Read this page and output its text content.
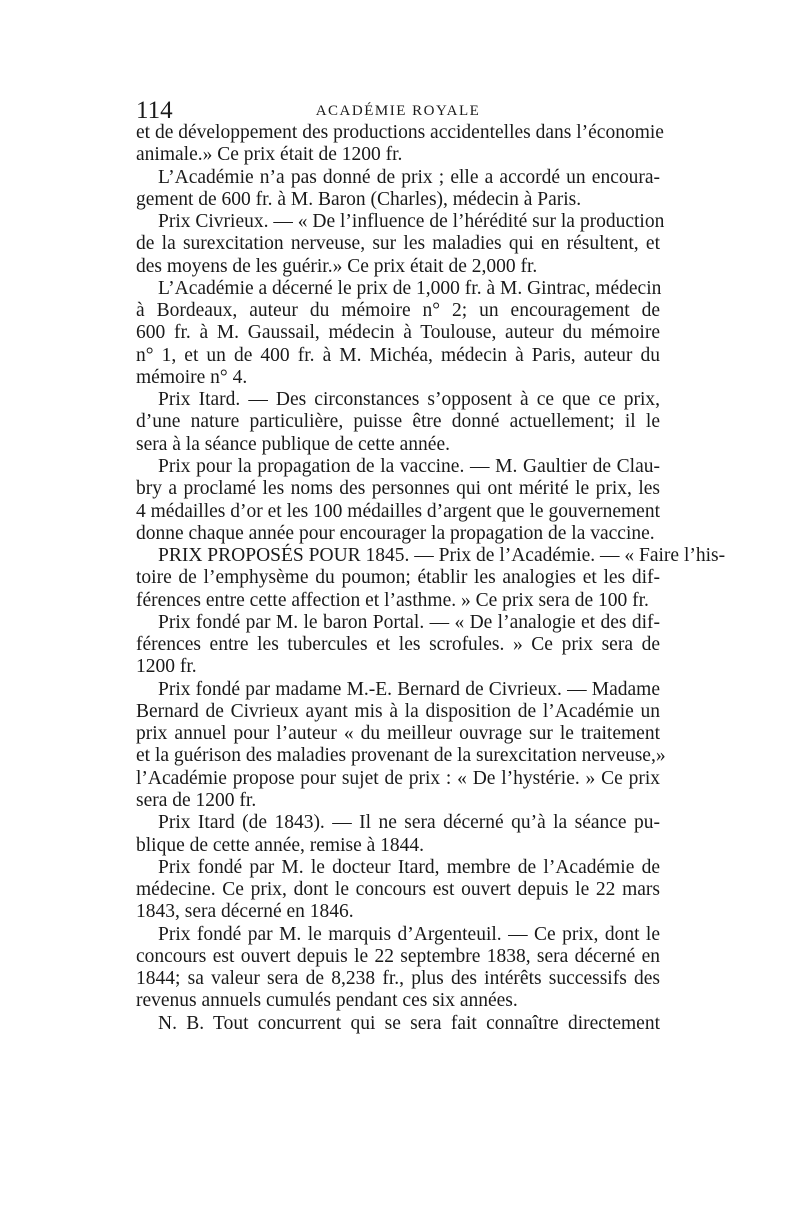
114	ACADÉMIE ROYALE
et de développement des productions accidentelles dans l’économie
animale.» Ce prix était de 1200 fr.
L’Académie n’a pas donné de prix ; elle a accordé un encoura-
gement de 600 fr. à M. Baron (Charles), médecin à Paris.
Prix Civrieux. — « De l’influence de l’hérédité sur la production
de la surexcitation nerveuse, sur les maladies qui en résultent, et
des moyens de les guérir.» Ce prix était de 2,000 fr.
L’Académie a décerné le prix de 1,000 fr. à M. Gintrac, médecin
à Bordeaux, auteur du mémoire n° 2; un encouragement de
600 fr. à M. Gaussail, médecin à Toulouse, auteur du mémoire
n° 1, et un de 400 fr. à M. Michéa, médecin à Paris, auteur du
mémoire n° 4.
Prix Itard. — Des circonstances s’opposent à ce que ce prix,
d’une nature particulière, puisse être donné actuellement; il le
sera à la séance publique de cette année.
Prix pour la propagation de la vaccine. — M. Gaultier de Clau-
bry a proclamé les noms des personnes qui ont mérité le prix, les
4 médailles d’or et les 100 médailles d’argent que le gouvernement
donne chaque année pour encourager la propagation de la vaccine.
PRIX PROPOSÉS POUR 1845. — Prix de l’Académie. — « Faire l’his-
toire de l’emphysème du poumon; établir les analogies et les dif-
férences entre cette affection et l’asthme. » Ce prix sera de 100 fr.
Prix fondé par M. le baron Portal. — « De l’analogie et des dif-
férences entre les tubercules et les scrofules. » Ce prix sera de
1200 fr.
Prix fondé par madame M.-E. Bernard de Civrieux. — Madame
Bernard de Civrieux ayant mis à la disposition de l’Académie un
prix annuel pour l’auteur « du meilleur ouvrage sur le traitement
et la guérison des maladies provenant de la surexcitation nerveuse,»
l’Académie propose pour sujet de prix : « De l’hystérie. » Ce prix
sera de 1200 fr.
Prix Itard (de 1843). — Il ne sera décerné qu’à la séance pu-
blique de cette année, remise à 1844.
Prix fondé par M. le docteur Itard, membre de l’Académie de
médecine. Ce prix, dont le concours est ouvert depuis le 22 mars
1843, sera décerné en 1846.
Prix fondé par M. le marquis d’Argenteuil. — Ce prix, dont le
concours est ouvert depuis le 22 septembre 1838, sera décerné en
1844; sa valeur sera de 8,238 fr., plus des intérêts successifs des
revenus annuels cumulés pendant ces six années.
N. B. Tout concurrent qui se sera fait connaître directement
